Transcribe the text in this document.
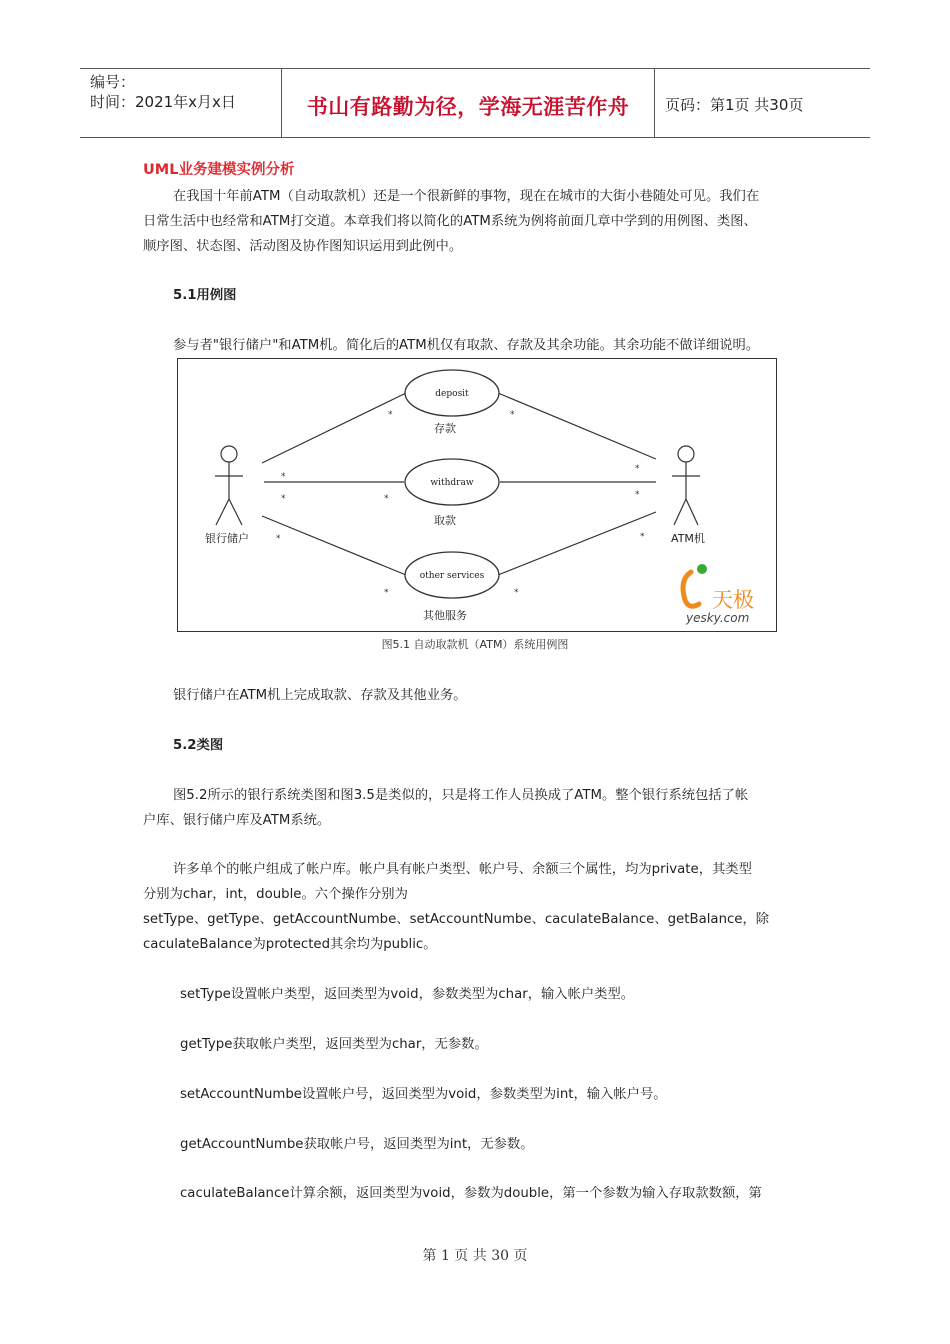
编号：
时间：2021年x月x日	书山有路勤为径，学海无涯苦作舟	页码：第1页 共30页
UML业务建模实例分析
在我国十年前ATM（自动取款机）还是一个很新鲜的事物，现在在城市的大街小巷随处可见。我们在
日常生活中也经常和ATM打交道。本章我们将以简化的ATM系统为例将前面几章中学到的用例图、类图、
顺序图、状态图、活动图及协作图知识运用到此例中。
5.1用例图
参与者"银行储户"和ATM机。简化后的ATM机仅有取款、存款及其余功能。其余功能不做详细说明。
*	*
*
*	*
*
*
*
*	*
*
deposit
withdraw
other services
存款
取款
其他服务
银行储户	ATM机
天极
yesky.com
图5.1 自动取款机（ATM）系统用例图
银行储户在ATM机上完成取款、存款及其他业务。
5.2类图
图5.2所示的银行系统类图和图3.5是类似的，只是将工作人员换成了ATM。整个银行系统包括了帐
户库、银行储户库及ATM系统。
许多单个的帐户组成了帐户库。帐户具有帐户类型、帐户号、余额三个属性，均为private，其类型
分别为char，int，double。六个操作分别为
setType、getType、getAccountNumbe、setAccountNumbe、caculateBalance、getBalance，除
caculateBalance为protected其余均为public。
setType设置帐户类型，返回类型为void，参数类型为char，输入帐户类型。
getType获取帐户类型，返回类型为char，无参数。
setAccountNumbe设置帐户号，返回类型为void，参数类型为int，输入帐户号。
getAccountNumbe获取帐户号，返回类型为int，无参数。
caculateBalance计算余额，返回类型为void，参数为double，第一个参数为输入存取款数额，第
第 1 页 共 30 页
